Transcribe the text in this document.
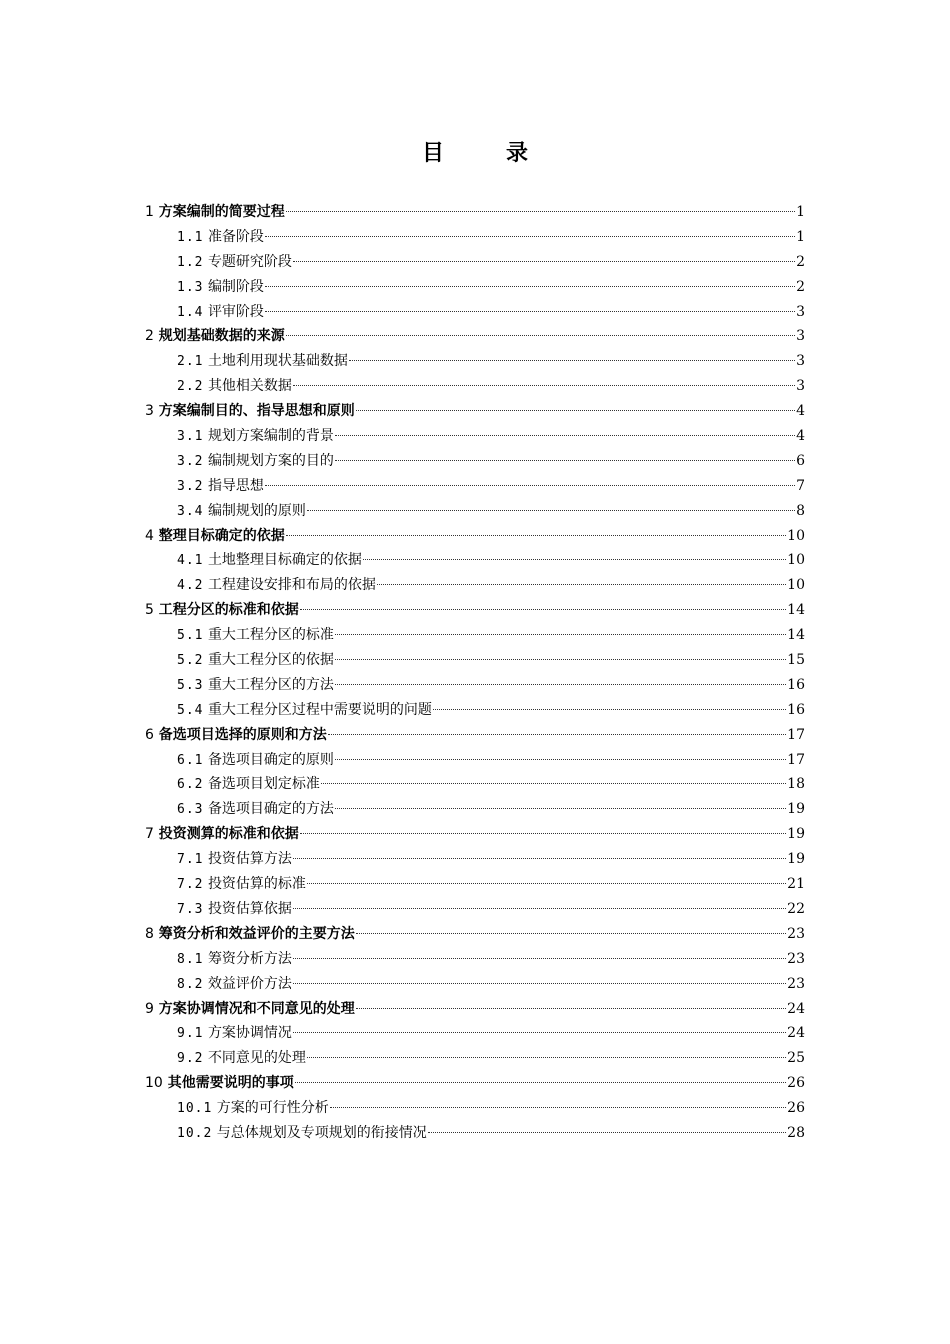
目　录
1 方案编制的简要过程	1
1.1 准备阶段	1
1.2 专题研究阶段	2
1.3 编制阶段	2
1.4 评审阶段	3
2 规划基础数据的来源	3
2.1 土地利用现状基础数据	3
2.2 其他相关数据	3
3 方案编制目的、指导思想和原则	4
3.1 规划方案编制的背景	4
3.2 编制规划方案的目的	6
3.2 指导思想	7
3.4 编制规划的原则	8
4 整理目标确定的依据	10
4.1 土地整理目标确定的依据	10
4.2 工程建设安排和布局的依据	10
5 工程分区的标准和依据	14
5.1 重大工程分区的标准	14
5.2 重大工程分区的依据	15
5.3 重大工程分区的方法	16
5.4 重大工程分区过程中需要说明的问题	16
6 备选项目选择的原则和方法	17
6.1 备选项目确定的原则	17
6.2 备选项目划定标准	18
6.3 备选项目确定的方法	19
7 投资测算的标准和依据	19
7.1 投资估算方法	19
7.2 投资估算的标准	21
7.3 投资估算依据	22
8 筹资分析和效益评价的主要方法	23
8.1 筹资分析方法	23
8.2 效益评价方法	23
9 方案协调情况和不同意见的处理	24
9.1 方案协调情况	24
9.2 不同意见的处理	25
10 其他需要说明的事项	26
10.1 方案的可行性分析	26
10.2 与总体规划及专项规划的衔接情况	28
